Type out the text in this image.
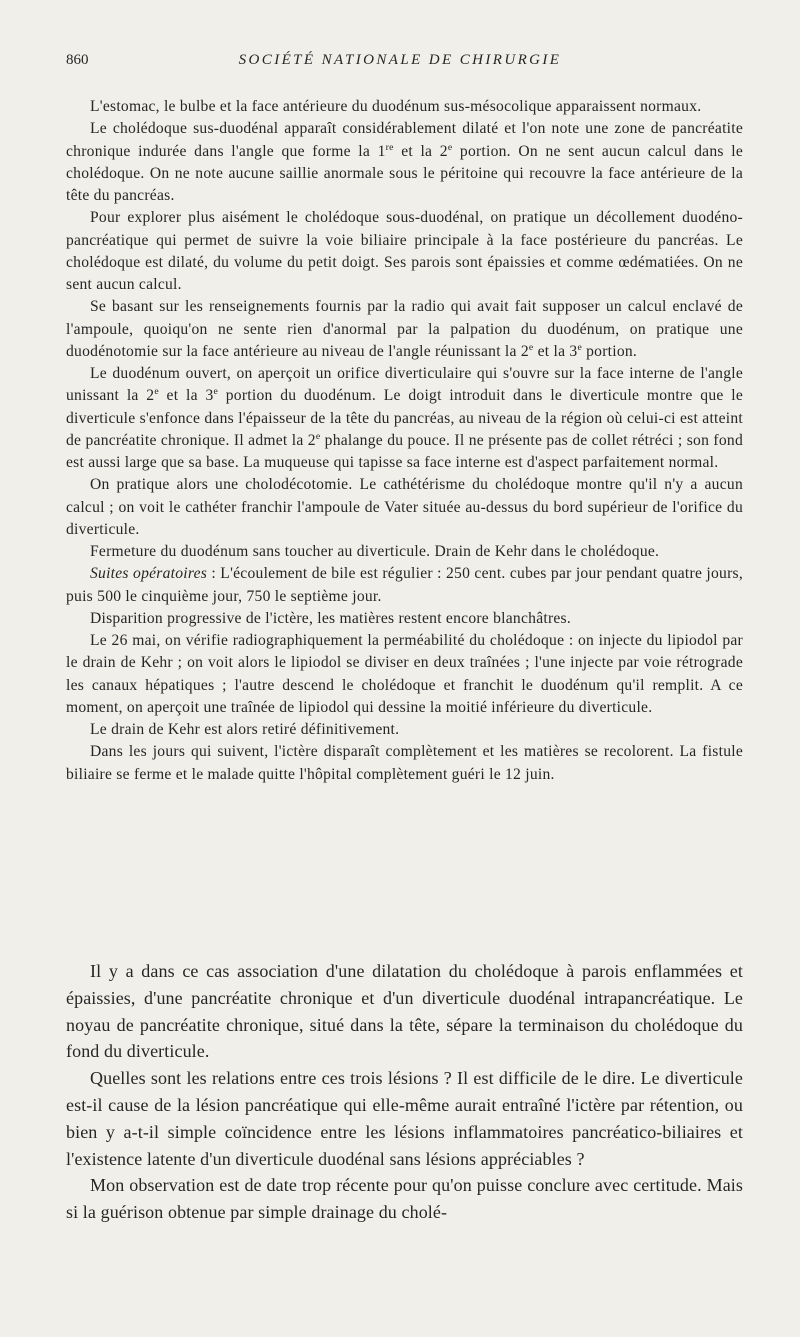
860	SOCIÉTÉ NATIONALE DE CHIRURGIE

L'estomac, le bulbe et la face antérieure du duodénum sus-mésocolique apparaissent normaux.

Le cholédoque sus-duodénal apparaît considérablement dilaté et l'on note une zone de pancréatite chronique indurée dans l'angle que forme la 1re et la 2e portion. On ne sent aucun calcul dans le cholédoque. On ne note aucune saillie anormale sous le péritoine qui recouvre la face antérieure de la tête du pancréas.

Pour explorer plus aisément le cholédoque sous-duodénal, on pratique un décollement duodéno-pancréatique qui permet de suivre la voie biliaire principale à la face postérieure du pancréas. Le cholédoque est dilaté, du volume du petit doigt. Ses parois sont épaissies et comme œdématiées. On ne sent aucun calcul.

Se basant sur les renseignements fournis par la radio qui avait fait supposer un calcul enclavé de l'ampoule, quoiqu'on ne sente rien d'anormal par la palpation du duodénum, on pratique une duodénotomie sur la face antérieure au niveau de l'angle réunissant la 2e et la 3e portion.

Le duodénum ouvert, on aperçoit un orifice diverticulaire qui s'ouvre sur la face interne de l'angle unissant la 2e et la 3e portion du duodénum. Le doigt introduit dans le diverticule montre que le diverticule s'enfonce dans l'épaisseur de la tête du pancréas, au niveau de la région où celui-ci est atteint de pancréatite chronique. Il admet la 2e phalange du pouce. Il ne présente pas de collet rétréci ; son fond est aussi large que sa base. La muqueuse qui tapisse sa face interne est d'aspect parfaitement normal.

On pratique alors une cholodécotomie. Le cathétérisme du cholédoque montre qu'il n'y a aucun calcul ; on voit le cathéter franchir l'ampoule de Vater située au-dessus du bord supérieur de l'orifice du diverticule.

Fermeture du duodénum sans toucher au diverticule. Drain de Kehr dans le cholédoque.

Suites opératoires : L'écoulement de bile est régulier : 250 cent. cubes par jour pendant quatre jours, puis 500 le cinquième jour, 750 le septième jour.

Disparition progressive de l'ictère, les matières restent encore blanchâtres.

Le 26 mai, on vérifie radiographiquement la perméabilité du cholédoque : on injecte du lipiodol par le drain de Kehr ; on voit alors le lipiodol se diviser en deux traînées ; l'une injecte par voie rétrograde les canaux hépatiques ; l'autre descend le cholédoque et franchit le duodénum qu'il remplit. A ce moment, on aperçoit une traînée de lipiodol qui dessine la moitié inférieure du diverticule.

Le drain de Kehr est alors retiré définitivement.

Dans les jours qui suivent, l'ictère disparaît complètement et les matières se recolorent. La fistule biliaire se ferme et le malade quitte l'hôpital complètement guéri le 12 juin.

Il y a dans ce cas association d'une dilatation du cholédoque à parois enflammées et épaissies, d'une pancréatite chronique et d'un diverticule duodénal intrapancréatique. Le noyau de pancréatite chronique, situé dans la tête, sépare la terminaison du cholédoque du fond du diverticule.

Quelles sont les relations entre ces trois lésions ? Il est difficile de le dire. Le diverticule est-il cause de la lésion pancréatique qui elle-même aurait entraîné l'ictère par rétention, ou bien y a-t-il simple coïncidence entre les lésions inflammatoires pancréatico-biliaires et l'existence latente d'un diverticule duodénal sans lésions appréciables ?

Mon observation est de date trop récente pour qu'on puisse conclure avec certitude. Mais si la guérison obtenue par simple drainage du cholé-
